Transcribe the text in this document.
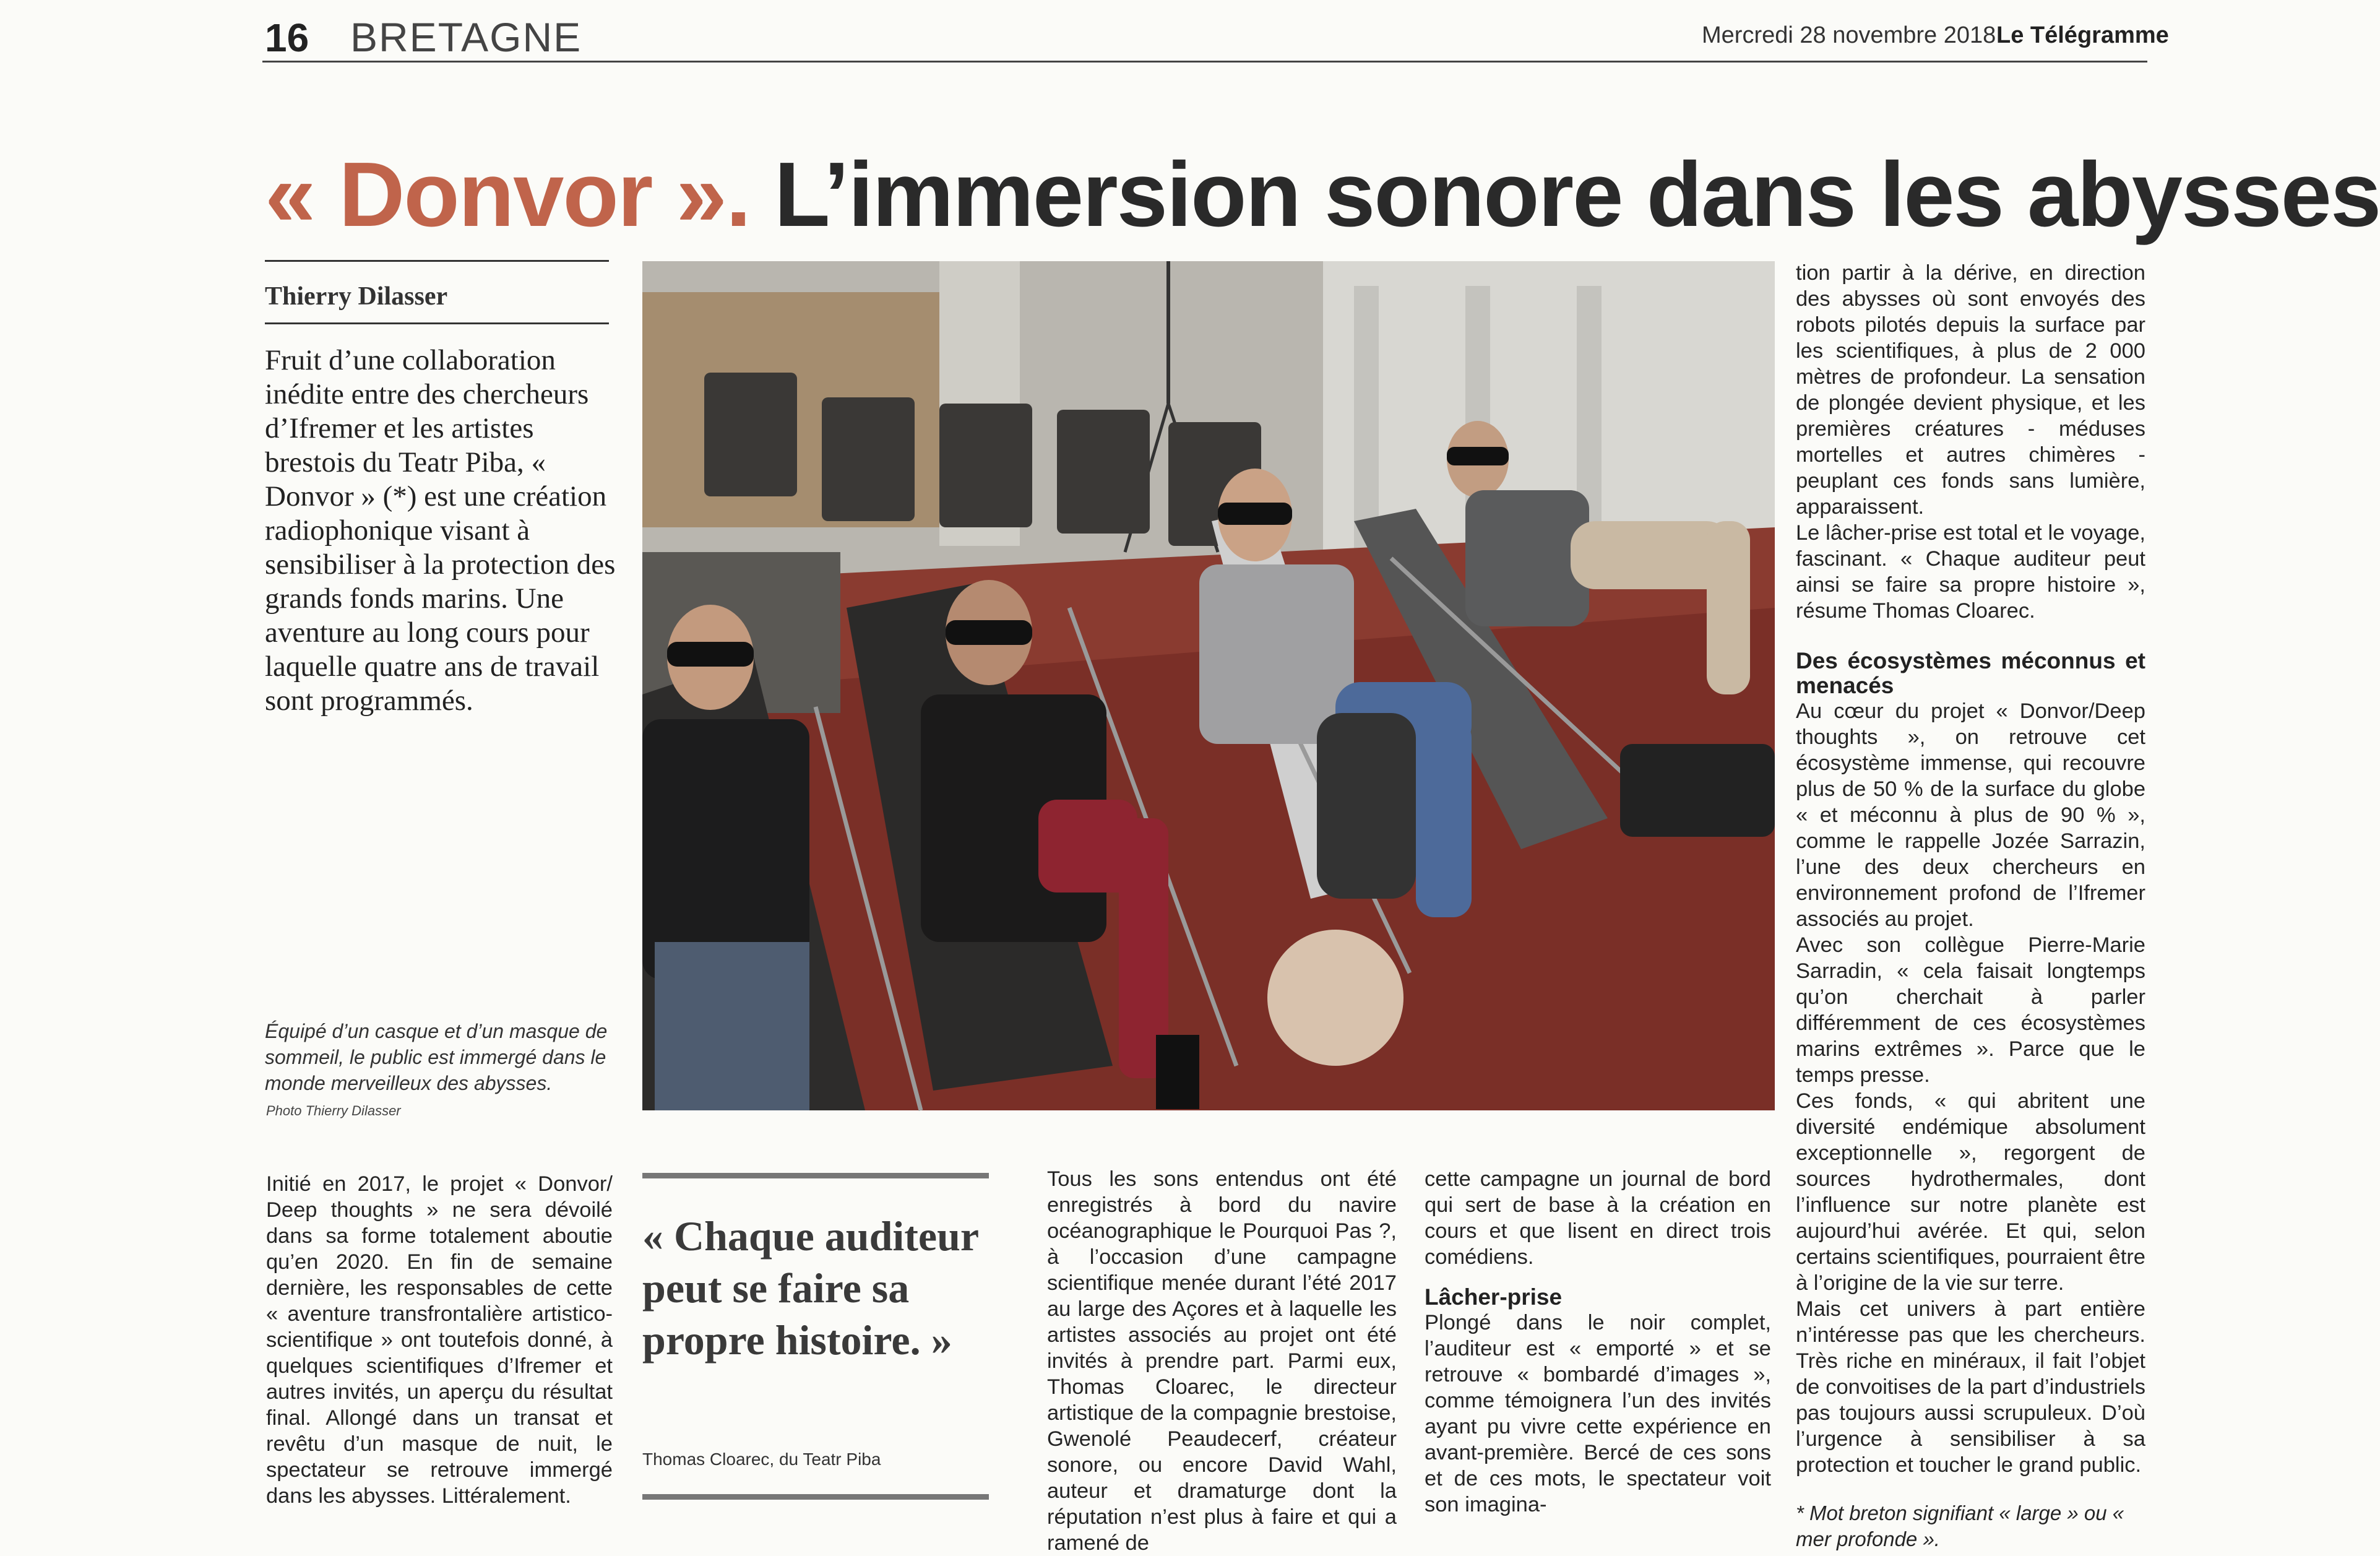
16 BRETAGNE	Mercredi 28 novembre 2018 Le Télégramme
« Donvor ». L’immersion sonore dans les abysses
Thierry Dilasser
Fruit d’une collaboration inédite entre des chercheurs d’Ifremer et les artistes brestois du Teatr Piba, « Donvor » (*) est une création radiophonique visant à sensibiliser à la protection des grands fonds marins. Une aventure au long cours pour laquelle quatre ans de travail sont programmés.
Équipé d’un casque et d’un masque de sommeil, le public est immergé dans le monde merveilleux des abysses.
Photo Thierry Dilasser

Initié en 2017, le projet « Donvor/ Deep thoughts » ne sera dévoilé dans sa forme totalement aboutie qu’en 2020. En fin de semaine dernière, les responsables de cette « aventure transfrontalière artistico-scientifique » ont toutefois donné, à quelques scientifiques d’Ifremer et autres invités, un aperçu du résultat final. Allongé dans un transat et revêtu d’un masque de nuit, le spectateur se retrouve immergé dans les abysses. Littéralement.

« Chaque auditeur peut se faire sa propre histoire. »
Thomas Cloarec, du Teatr Piba

Tous les sons entendus ont été enregistrés à bord du navire océanographique le Pourquoi Pas ?, à l’occasion d’une campagne scientifique menée durant l’été 2017 au large des Açores et à laquelle les artistes associés au projet ont été invités à prendre part. Parmi eux, Thomas Cloarec, le directeur artistique de la compagnie brestoise, Gwenolé Peaudecerf, créateur sonore, ou encore David Wahl, auteur et dramaturge dont la réputation n’est plus à faire et qui a ramené de

cette campagne un journal de bord qui sert de base à la création en cours et que lisent en direct trois comédiens.

Lâcher-prise

Plongé dans le noir complet, l’auditeur est « emporté » et se retrouve « bombardé d’images », comme témoignera l’un des invités ayant pu vivre cette expérience en avant-première. Bercé de ces sons et de ces mots, le spectateur voit son imagina-

tion partir à la dérive, en direction des abysses où sont envoyés des robots pilotés depuis la surface par les scientifiques, à plus de 2 000 mètres de profondeur. La sensation de plongée devient physique, et les premières créatures - méduses mortelles et autres chimères - peuplant ces fonds sans lumière, apparaissent.

Le lâcher-prise est total et le voyage, fascinant. « Chaque auditeur peut ainsi se faire sa propre histoire », résume Thomas Cloarec.

Des écosystèmes méconnus et menacés

Au cœur du projet « Donvor/Deep thoughts », on retrouve cet écosystème immense, qui recouvre plus de 50 % de la surface du globe « et méconnu à plus de 90 % », comme le rappelle Jozée Sarrazin, l’une des deux chercheurs en environnement profond de l’Ifremer associés au projet.

Avec son collègue Pierre-Marie Sarradin, « cela faisait longtemps qu’on cherchait à parler différemment de ces écosystèmes marins extrêmes ». Parce que le temps presse.

Ces fonds, « qui abritent une diversité endémique absolument exceptionnelle », regorgent de sources hydrothermales, dont l’influence sur notre planète est aujourd’hui avérée. Et qui, selon certains scientifiques, pourraient être à l’origine de la vie sur terre.

Mais cet univers à part entière n’intéresse pas que les chercheurs. Très riche en minéraux, il fait l’objet de convoitises de la part d’industriels pas toujours aussi scrupuleux. D’où l’urgence à sensibiliser à sa protection et toucher le grand public.

* Mot breton signifiant « large » ou « mer profonde ».
